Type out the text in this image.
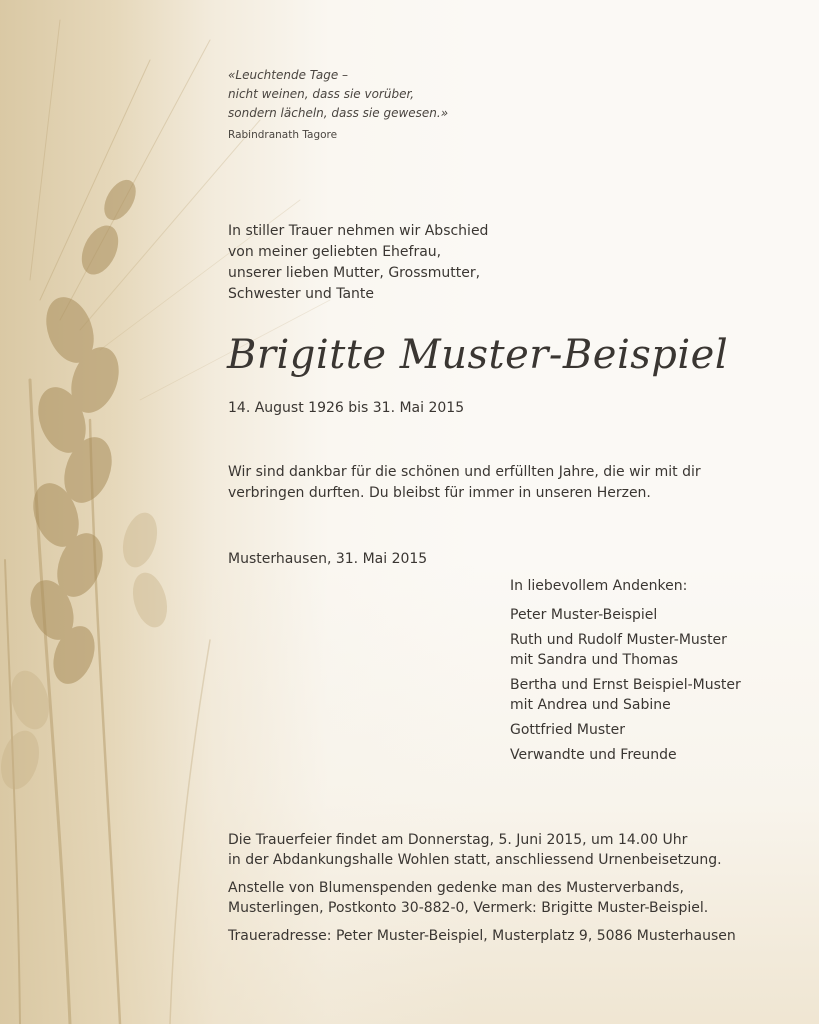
«Leuchtende Tage –
nicht weinen, dass sie vorüber,
sondern lächeln, dass sie gewesen.»
Rabindranath Tagore
In stiller Trauer nehmen wir Abschied
von meiner geliebten Ehefrau,
unserer lieben Mutter, Grossmutter,
Schwester und Tante
Brigitte Muster-Beispiel
14. August 1926 bis 31. Mai 2015
Wir sind dankbar für die schönen und erfüllten Jahre, die wir mit dir
verbringen durften. Du bleibst für immer in unseren Herzen.
Musterhausen, 31. Mai 2015
In liebevollem Andenken:
Peter Muster-Beispiel
Ruth und Rudolf Muster-Muster
mit Sandra und Thomas
Bertha und Ernst Beispiel-Muster
mit Andrea und Sabine
Gottfried Muster
Verwandte und Freunde
Die Trauerfeier findet am Donnerstag, 5. Juni 2015, um 14.00 Uhr
in der Abdankungshalle Wohlen statt, anschliessend Urnenbeisetzung.
Anstelle von Blumenspenden gedenke man des Musterverbands,
Musterlingen, Postkonto 30-882-0, Vermerk: Brigitte Muster-Beispiel.
Traueradresse: Peter Muster-Beispiel, Musterplatz 9, 5086 Musterhausen
